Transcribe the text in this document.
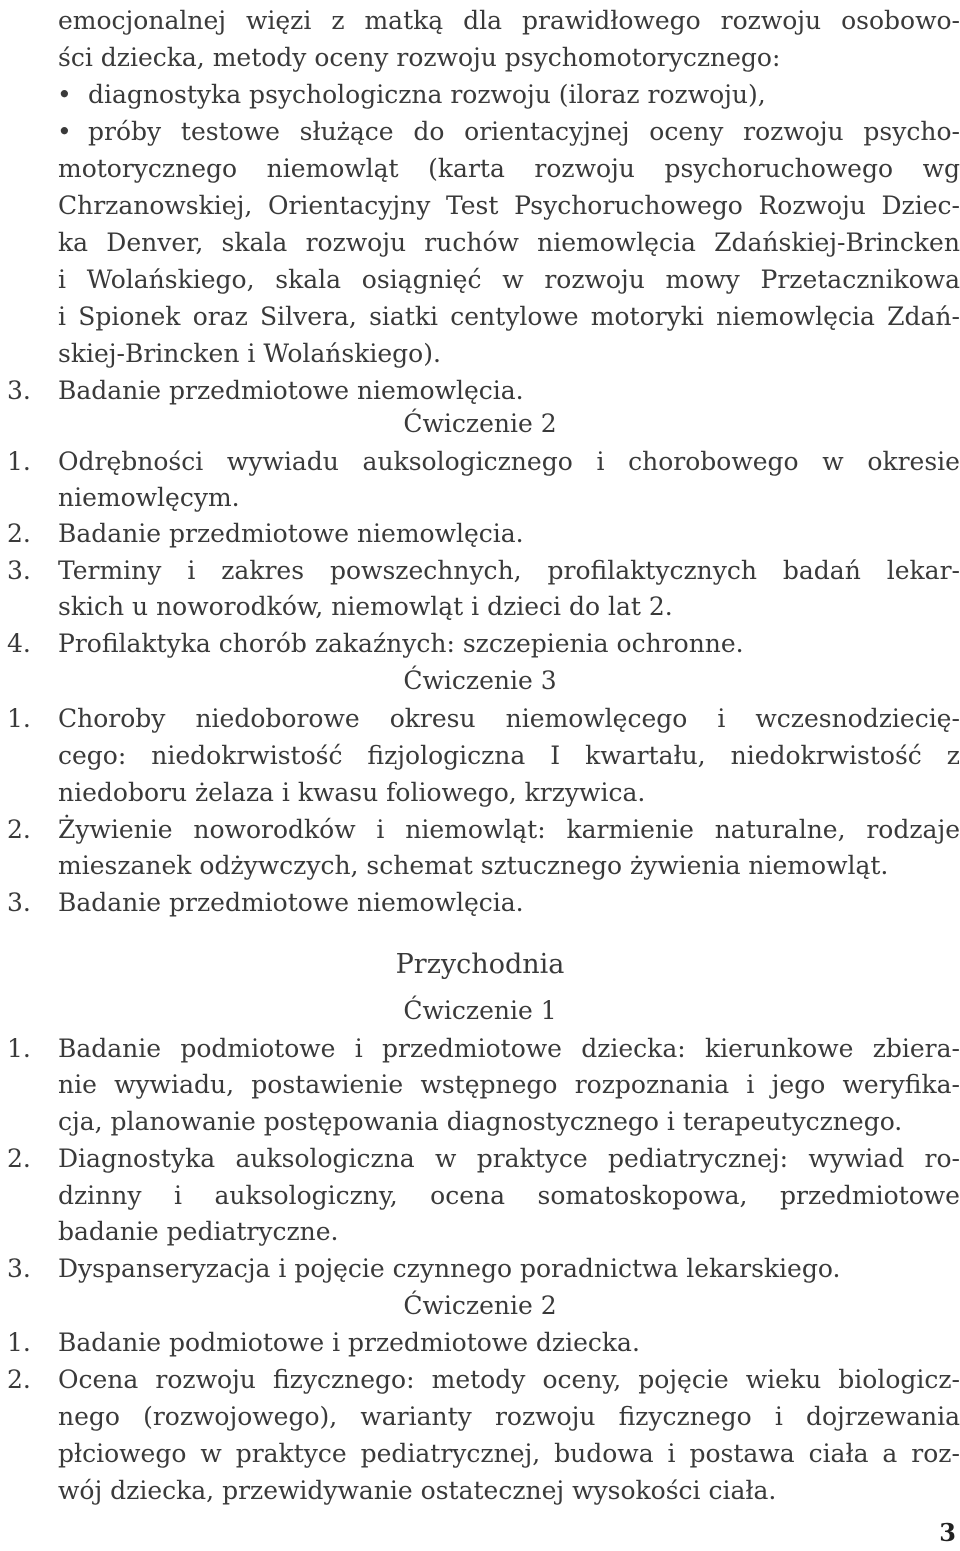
emocjonalnej więzi z matką dla prawidłowego rozwoju osobowo-
ści dziecka, metody oceny rozwoju psychomotorycznego:
• diagnostyka psychologiczna rozwoju (iloraz rozwoju),
• próby testowe służące do orientacyjnej oceny rozwoju psycho-
motorycznego niemowląt (karta rozwoju psychoruchowego wg
Chrzanowskiej, Orientacyjny Test Psychoruchowego Rozwoju Dziec-
ka Denver, skala rozwoju ruchów niemowlęcia Zdańskiej-Brincken
i Wolańskiego, skala osiągnięć w rozwoju mowy Przetacznikowa
i Spionek oraz Silvera, siatki centylowe motoryki niemowlęcia Zdań-
skiej-Brincken i Wolańskiego).
3.	Badanie przedmiotowe niemowlęcia.
Ćwiczenie 2
1.	Odrębności wywiadu auksologicznego i chorobowego w okresie
niemowlęcym.
2.	Badanie przedmiotowe niemowlęcia.
3.	Terminy i zakres powszechnych, profilaktycznych badań lekar-
skich u noworodków, niemowląt i dzieci do lat 2.
4.	Profilaktyka chorób zakaźnych: szczepienia ochronne.
Ćwiczenie 3
1.	Choroby niedoborowe okresu niemowlęcego i wczesnodziecię-
cego: niedokrwistość fizjologiczna I kwartału, niedokrwistość z
niedoboru żelaza i kwasu foliowego, krzywica.
2.	Żywienie noworodków i niemowląt: karmienie naturalne, rodzaje
mieszanek odżywczych, schemat sztucznego żywienia niemowląt.
3.	Badanie przedmiotowe niemowlęcia.
Przychodnia
Ćwiczenie 1
1.	Badanie podmiotowe i przedmiotowe dziecka: kierunkowe zbiera-
nie wywiadu, postawienie wstępnego rozpoznania i jego weryfika-
cja, planowanie postępowania diagnostycznego i terapeutycznego.
2.	Diagnostyka auksologiczna w praktyce pediatrycznej: wywiad ro-
dzinny i auksologiczny, ocena somatoskopowa, przedmiotowe
badanie pediatryczne.
3.	Dyspanseryzacja i pojęcie czynnego poradnictwa lekarskiego.
Ćwiczenie 2
1.	Badanie podmiotowe i przedmiotowe dziecka.
2.	Ocena rozwoju fizycznego: metody oceny, pojęcie wieku biologicz-
nego (rozwojowego), warianty rozwoju fizycznego i dojrzewania
płciowego w praktyce pediatrycznej, budowa i postawa ciała a roz-
wój dziecka, przewidywanie ostatecznej wysokości ciała.
3
